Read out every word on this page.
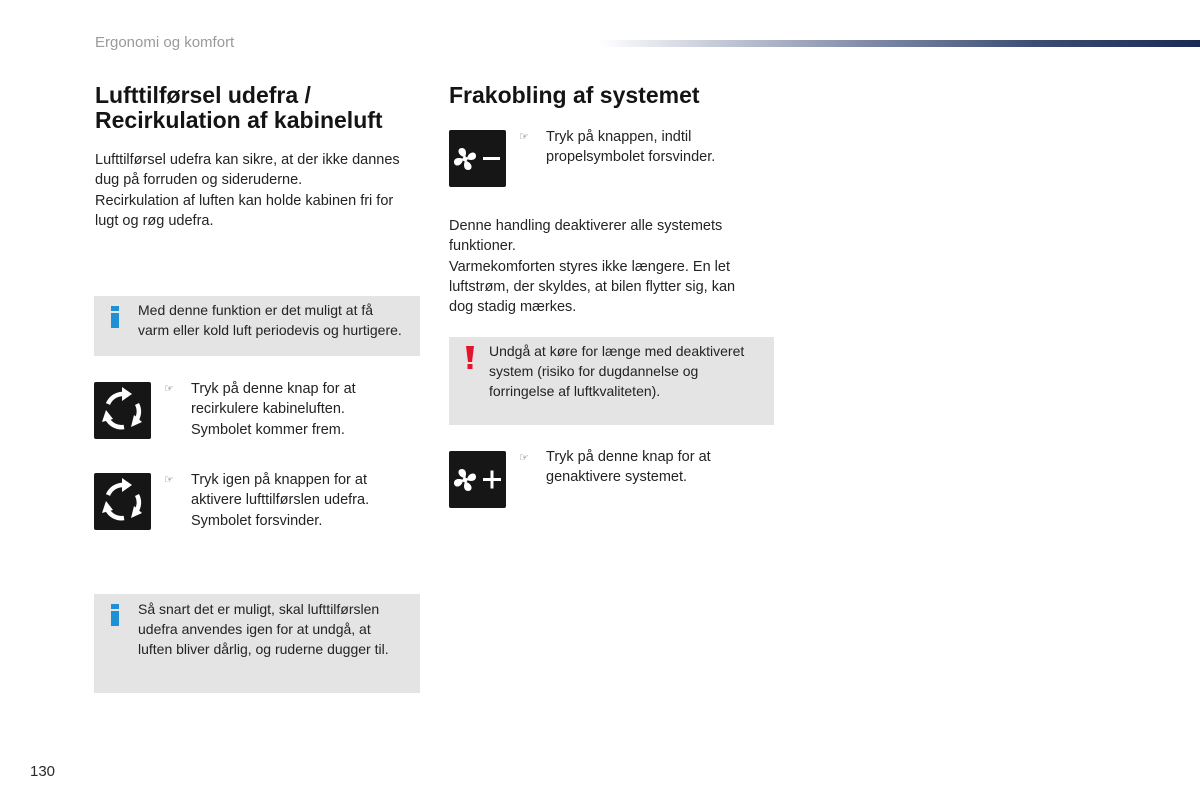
Ergonomi og komfort
Lufttilførsel udefra /
Recirkulation af kabineluft
Lufttilførsel udefra kan sikre, at der ikke dannes
dug på forruden og sideruderne.
Recirkulation af luften kan holde kabinen fri for
lugt og røg udefra.
Med denne funktion er det muligt at få
varm eller kold luft periodevis og hurtigere.
☞ Tryk på denne knap for at
recirkulere kabineluften.
Symbolet kommer frem.
☞ Tryk igen på knappen for at
aktivere lufttilførslen udefra.
Symbolet forsvinder.
Så snart det er muligt, skal lufttilførslen
udefra anvendes igen for at undgå, at
luften bliver dårlig, og ruderne dugger til.
Frakobling af systemet
☞ Tryk på knappen, indtil
propelsymbolet forsvinder.
Denne handling deaktiverer alle systemets
funktioner.
Varmekomforten styres ikke længere. En let
luftstrøm, der skyldes, at bilen flytter sig, kan
dog stadig mærkes.
Undgå at køre for længe med deaktiveret
system (risiko for dugdannelse og
forringelse af luftkvaliteten).
☞ Tryk på denne knap for at
genaktivere systemet.
130
